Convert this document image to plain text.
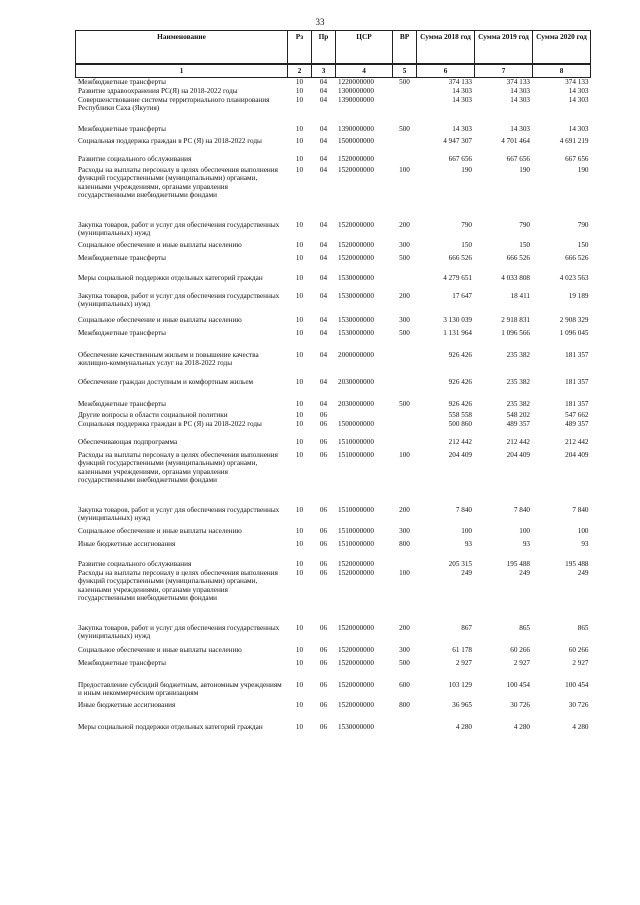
33
Наименование	Рз	Пр	ЦСР	ВР	Сумма 2018 год	Сумма 2019 год	Сумма 2020 год
1	2	3	4	5	6	7	8
Межбюджетные трансферты	10	04	1220000000	500	374 133	374 133	374 133
Развитие здравоохранения РС(Я) на 2018-2022 годы	10	04	1300000000		14 303	14 303	14 303
Совершенствование системы территориального планирования Республики Саха (Якутия)	10	04	1390000000		14 303	14 303	14 303
Межбюджетные трансферты	10	04	1390000000	500	14 303	14 303	14 303
Социальная поддержка граждан в РС (Я) на 2018-2022 годы	10	04	1500000000		4 947 307	4 701 464	4 691 219
Развитие социального обслуживания	10	04	1520000000		667 656	667 656	667 656
Расходы на выплаты персоналу в целях обеспечения выполнения функций государственными (муниципальными) органами, казенными учреждениями, органами управления государственными внебюджетными фондами	10	04	1520000000	100	190	190	190
Закупка товаров, работ и услуг для обеспечения государственных (муниципальных) нужд	10	04	1520000000	200	790	790	790
Социальное обеспечение и иные выплаты населению	10	04	1520000000	300	150	150	150
Межбюджетные трансферты	10	04	1520000000	500	666 526	666 526	666 526
Меры социальной поддержки отдельных категорий граждан	10	04	1530000000		4 279 651	4 033 808	4 023 563
Закупка товаров, работ и услуг для обеспечения государственных (муниципальных) нужд	10	04	1530000000	200	17 647	18 411	19 189
Социальное обеспечение и иные выплаты населению	10	04	1530000000	300	3 130 039	2 918 831	2 908 329
Межбюджетные трансферты	10	04	1530000000	500	1 131 964	1 096 566	1 096 045
Обеспечение качественным жильем и повышение качества жилищно-коммунальных услуг на 2018-2022 годы	10	04	2000000000		926 426	235 382	181 357
Обеспечение граждан доступным и комфортным жильем	10	04	2030000000		926 426	235 382	181 357
Межбюджетные трансферты	10	04	2030000000	500	926 426	235 382	181 357
Другие вопросы в области социальной политики	10	06			558 558	548 202	547 662
Социальная поддержка граждан в РС (Я) на 2018-2022 годы	10	06	1500000000		500 860	489 357	489 357
Обеспечивающая подпрограмма	10	06	1510000000		212 442	212 442	212 442
Расходы на выплаты персоналу в целях обеспечения выполнения функций государственными (муниципальными) органами, казенными учреждениями, органами управления государственными внебюджетными фондами	10	06	1510000000	100	204 409	204 409	204 409
Закупка товаров, работ и услуг для обеспечения государственных (муниципальных) нужд	10	06	1510000000	200	7 840	7 840	7 840
Социальное обеспечение и иные выплаты населению	10	06	1510000000	300	100	100	100
Иные бюджетные ассигнования	10	06	1510000000	800	93	93	93
Развитие социального обслуживания	10	06	1520000000		205 315	195 488	195 488
Расходы на выплаты персоналу в целях обеспечения выполнения функций государственными (муниципальными) органами, казенными учреждениями, органами управления государственными внебюджетными фондами	10	06	1520000000	100	249	249	249
Закупка товаров, работ и услуг для обеспечения государственных (муниципальных) нужд	10	06	1520000000	200	867	865	865
Социальное обеспечение и иные выплаты населению	10	06	1520000000	300	61 178	60 266	60 266
Межбюджетные трансферты	10	06	1520000000	500	2 927	2 927	2 927
Предоставление субсидий бюджетным, автономным учреждениям и иным некоммерческим организациям	10	06	1520000000	600	103 129	100 454	100 454
Иные бюджетные ассигнования	10	06	1520000000	800	36 965	30 726	30 726
Меры социальной поддержки отдельных категорий граждан	10	06	1530000000		4 280	4 280	4 280
